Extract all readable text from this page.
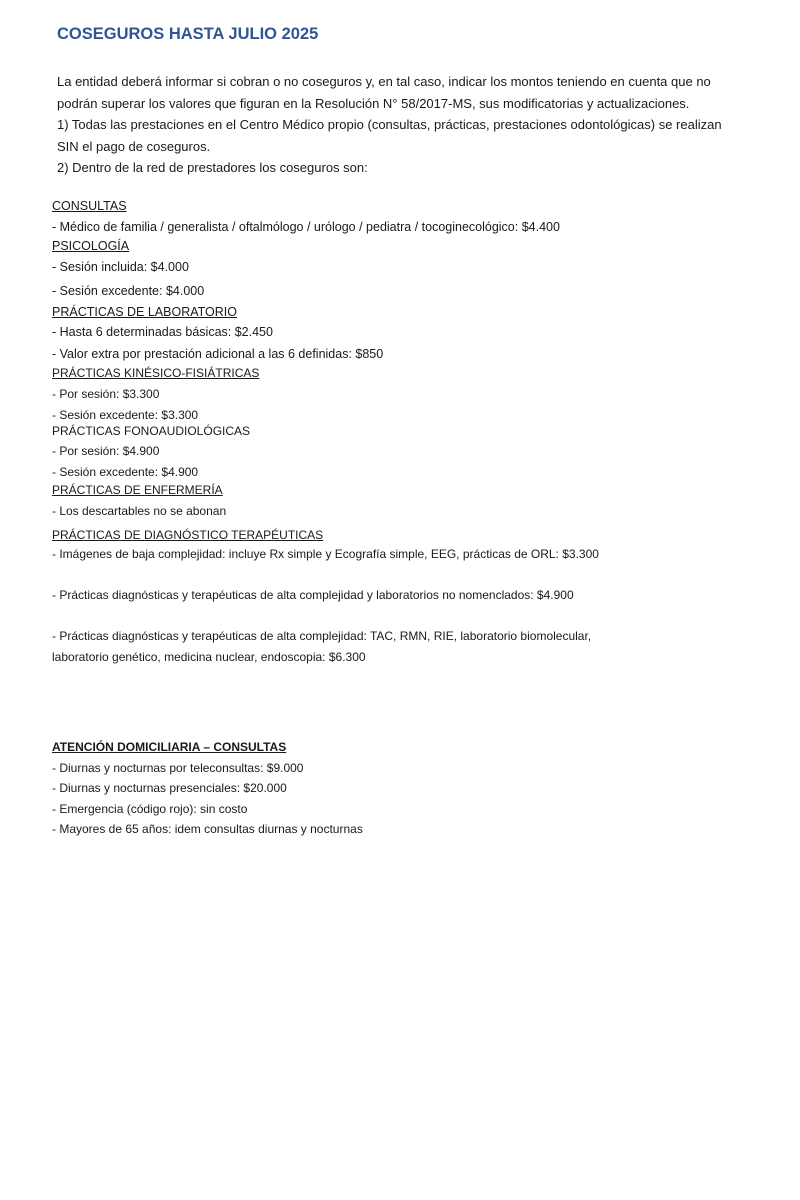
COSEGUROS HASTA JULIO 2025

La entidad deberá informar si cobran o no coseguros y, en tal caso, indicar los montos teniendo en cuenta que no podrán superar los valores que figuran en la Resolución N° 58/2017-MS, sus modificatorias y actualizaciones.

1) Todas las prestaciones en el Centro Médico propio (consultas, prácticas, prestaciones odontológicas) se realizan SIN el pago de coseguros.

2) Dentro de la red de prestadores los coseguros son:

CONSULTAS
- Médico de familia / generalista / oftalmólogo / urólogo / pediatra / tocoginecológico: $4.400
PSICOLOGÍA
- Sesión incluida: $4.000
- Sesión excedente: $4.000
PRÁCTICAS DE LABORATORIO
- Hasta 6 determinadas básicas: $2.450
- Valor extra por prestación adicional a las 6 definidas: $850
PRÁCTICAS KINÉSICO-FISIÁTRICAS
- Por sesión: $3.300
- Sesión excedente: $3.300
PRÁCTICAS FONOAUDIOLÓGICAS
- Por sesión: $4.900
- Sesión excedente: $4.900
PRÁCTICAS DE ENFERMERÍA
- Los descartables no se abonan
PRÁCTICAS DE DIAGNÓSTICO TERAPÉUTICAS
- Imágenes de baja complejidad: incluye Rx simple y Ecografía simple, EEG, prácticas de ORL: $3.300
- Prácticas diagnósticas y terapéuticas de alta complejidad y laboratorios no nomenclados: $4.900
- Prácticas diagnósticas y terapéuticas de alta complejidad: TAC, RMN, RIE, laboratorio biomolecular, laboratorio genético, medicina nuclear, endoscopia: $6.300
ATENCIÓN DOMICILIARIA – CONSULTAS
- Diurnas y nocturnas por teleconsultas: $9.000
- Diurnas y nocturnas presenciales: $20.000
- Emergencia (código rojo): sin costo
- Mayores de 65 años: idem consultas diurnas y nocturnas
